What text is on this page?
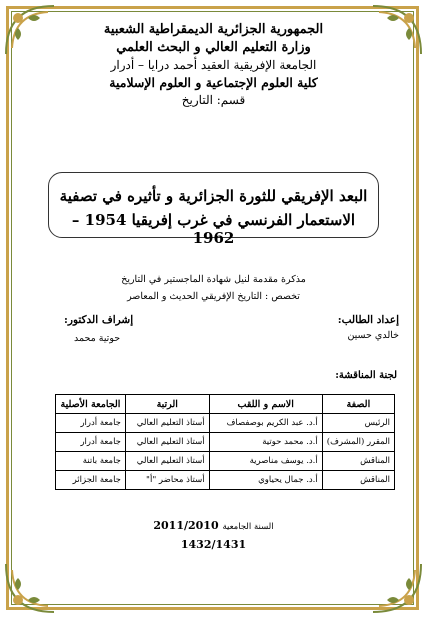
الجمهورية الجزائرية الديمقراطية الشعبية
وزارة التعليم العالي و البحث العلمي
الجامعة الإفريقية العقيد أحمد درايا – أدرار
كلية العلوم الإجتماعية و العلوم الإسلامية
قسم: التاريخ
البعد الإفريقي للثورة الجزائرية و تأثيره في تصفية
الاستعمار الفرنسي في غرب إفريقيا 1954 – 1962
مذكرة مقدمة لنيل شهادة الماجستير في التاريخ
تخصص : التاريخ الإفريقي الحديث و المعاصر
إعداد الطالب:
خالدي حسين
إشراف الدكتور:
حوتية محمد
لجنة المناقشة:
الصفة	الاسم و اللقب	الرتبة	الجامعة الأصلية
الرئيس	أ.د. عبد الكريم بوصفصاف	أستاذ التعليم العالي	جامعة أدرار
المقرر (المشرف)	أ.د. محمد حوتية	أستاذ التعليم العالي	جامعة أدرار
المناقش	أ.د. يوسف مناصرية	أستاذ التعليم العالي	جامعة باتنة
المناقش	أ.د. جمال يحياوي	أستاذ محاضر "أ"	جامعة الجزائر
السنة الجامعية 2011/2010
1432/1431
